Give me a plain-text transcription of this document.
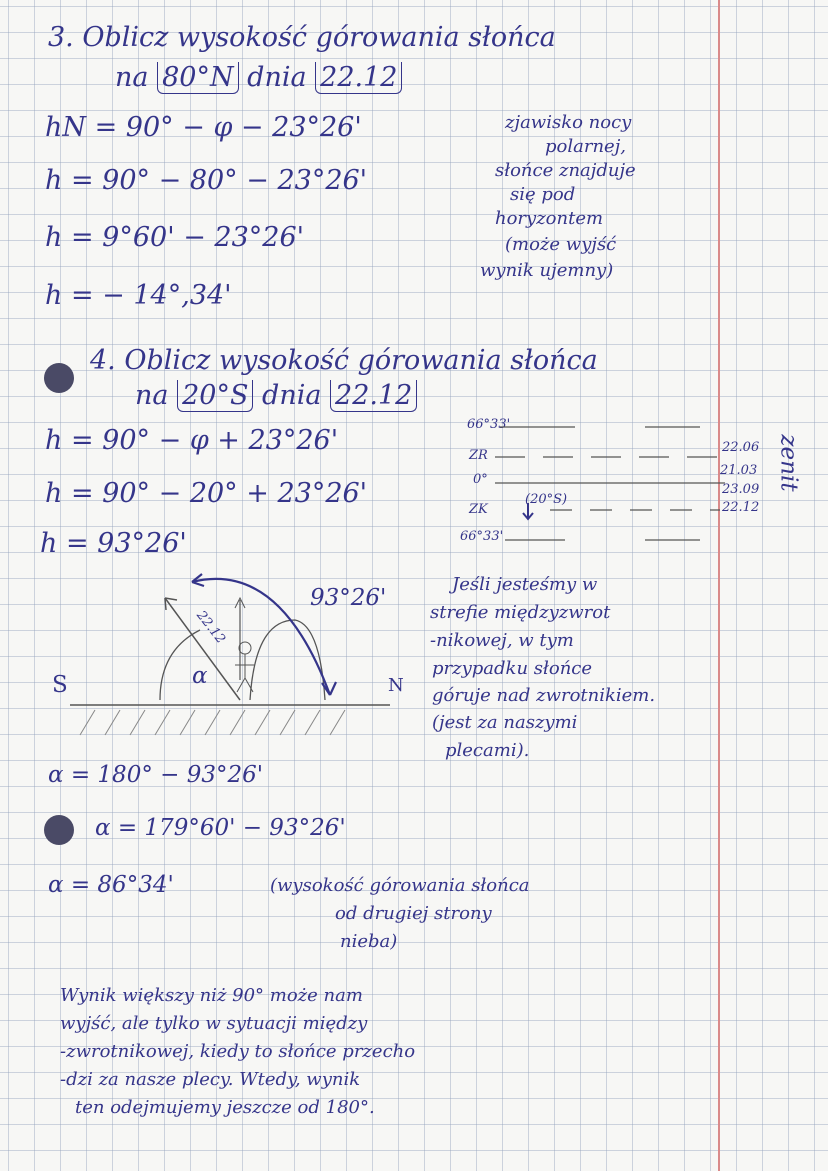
3. Oblicz wysokość górowania słońca
na 80°N dnia 22.12
hN = 90° − φ − 23°26'
h = 90° − 80° − 23°26'
h = 9°60' − 23°26'
h = − 14°,34'
zjawisko nocy
polarnej,
słońce znajduje
się pod
horyzontem
(może wyjść
wynik ujemny)
4. Oblicz wysokość górowania słońca
na 20°S dnia 22.12
h = 90° − φ + 23°26'
h = 90° − 20° + 23°26'
h = 93°26'
66°33'
ZR
0°
ZK
66°33'
(20°S)
22.06
21.03
23.09
22.12
zenit
S	N
93°26'
α
22.12
Jeśli jesteśmy w
strefie międzyzwrot
-nikowej, w tym
przypadku słońce
góruje nad zwrotnikiem.
(jest za naszymi
plecami).
α = 180° − 93°26'
α = 179°60' − 93°26'
α = 86°34'	(wysokość górowania słońca
od drugiej strony
nieba)
Wynik większy niż 90° może nam
wyjść, ale tylko w sytuacji między
-zwrotnikowej, kiedy to słońce przecho
-dzi za nasze plecy. Wtedy, wynik
ten odejmujemy jeszcze od 180°.
